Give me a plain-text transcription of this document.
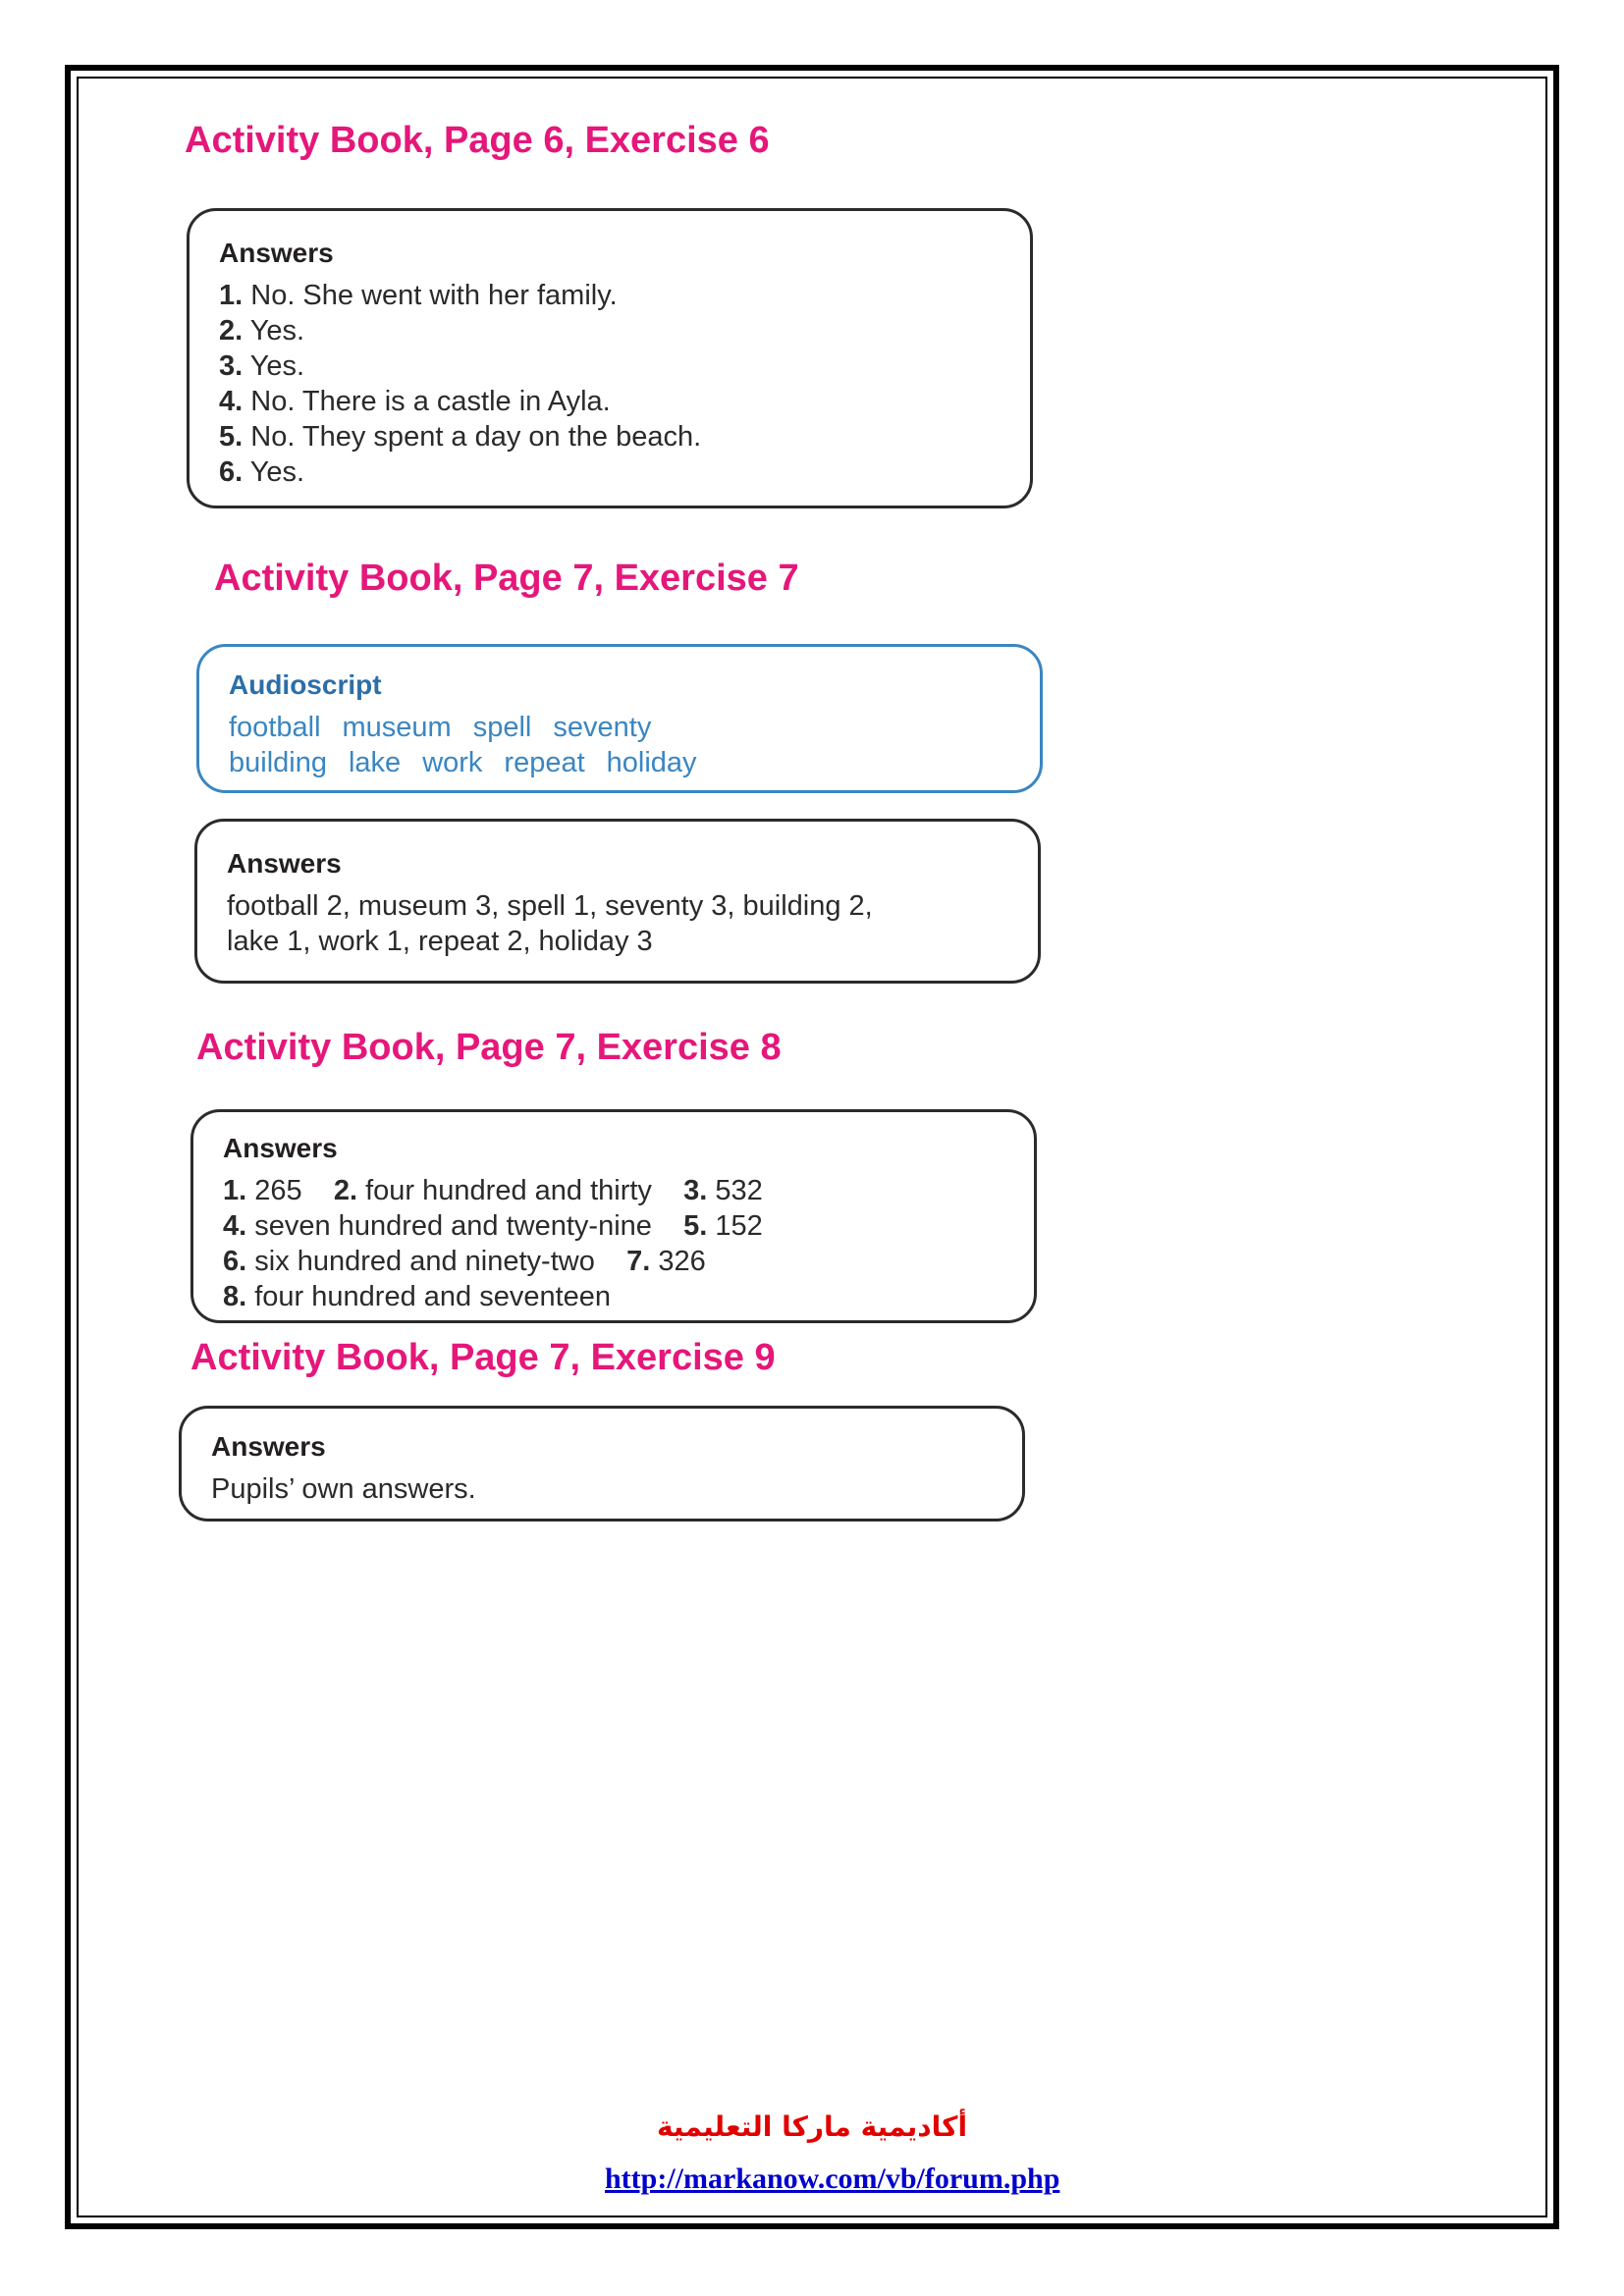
Activity Book, Page 6, Exercise 6

Answers

1. No. She went with her family.

2. Yes.

3. Yes.

4. No. There is a castle in Ayla.

5. No. They spent a day on the beach.

6. Yes.

Activity Book, Page 7, Exercise 7

Audioscript

football museum spell seventy

building lake work repeat holiday

Answers

football 2, museum 3, spell 1, seventy 3, building 2,

lake 1, work 1, repeat 2, holiday 3

Activity Book, Page 7, Exercise 8

Answers

1. 265 2. four hundred and thirty 3. 532

4. seven hundred and twenty-nine 5. 152

6. six hundred and ninety-two 7. 326

8. four hundred and seventeen

Activity Book, Page 7, Exercise 9

Answers

Pupils’ own answers.

أكاديمية ماركا التعليمية
http://markanow.com/vb/forum.php
